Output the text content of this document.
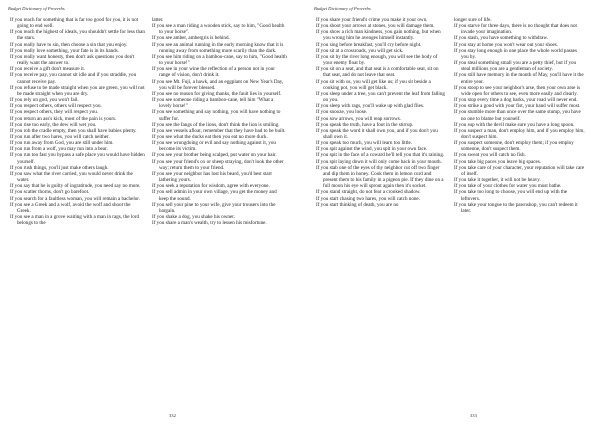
Budget Dictionary of Proverbs

If you reach for something that is far too good for you, it is not going to end well.

If you reach the highest of ideals, you shouldn't settle for less than the stars.

If you really have to sin, then choose a sin that you enjoy.

If you really love something, your fate is in its hands.

If you really want honesty, then don't ask questions you don't really want the answer to.

If you receive a gift don't measure it.

If you receive pay, you cannot sit idle and if you straddle, you cannot receive pay.

If you refuse to be made straight when you are green, you will not be made straight when you are dry.

If you rely on god, you won't fail.

If you respect others, others will respect you.

If you respect others, they will respect you.

If you return an ass's kick, most of the pain is yours.

If you rise too early, the dew will wet you.

If you rob the cradle empty, then you shall have babies plenty.

If you run after two hares, you will catch neither.

If you run away from God, you are still under him.

If you run from a wolf, you may run into a bear.

If you run too fast you bypass a safe place you would have hidden yourself.

If you rush things, you'll just make others laugh.

If you saw what the river carried, you would never drink the water.

If you say that he is guilty of ingratitude, you need say no more.

If you scatter thorns, don't go barefoot.

If you search for a faultless woman, you will remain a bachelor.

If you see a Greek and a wolf, avoid the wolf and shoot the Greek.

If you see a man in a grove waiting with a man in rags, the lord belongs to the

latter.

If you see a man riding a wooden stick, say to him, "Good health to your horse".

If you see amber, ambergris is behind.

If you see an animal running in the early morning know that it is running away from something more scarily than the dark.

If you see him riding on a bamboo-cane, say to him, "Good health to your horse!"

If you see in your wine the reflection of a person not in your range of vision, don't drink it.

If you see Mt. Fuji, a hawk, and an eggplant on New Year's Day, you will be forever blessed.

If you see no reason for giving thanks, the fault lies in yourself.

If you see someone riding a bamboo-cane, tell him "What a lovely horse!"

If you see something and say nothing, you will have nothing to suffer for.

If you see the fangs of the lions, don't think the lion is smiling.

If you see vessels afloat, remember that they have had to be built.

If you see what the ducks eat then you eat no more duck.

If you see wrongdoing or evil and say nothing against it, you become its victim.

If you see your brother being scalped, put water on your hair.

If you see your friend's ox or sheep straying, don't look the other way; return them to your friend.

If you see your neighbor has lost his beard, you'd best start lathering yours.

If you seek a reputation for wisdom, agree with everyone.

If you sell admin in your own village, you get the money and keep the sound.

If you sell your pine to your wife, give your trousers into the bargain.

If you shake a dog, you shake his owner.

If you share a man's wealth, try to lessen his misfortune.

332
Budget Dictionary of Proverbs

If you share your friend's crime you make it your own.

If you shoot your arrows at stones, you will damage them.

If you show a rich man kindness, you gain nothing, but when you wrong him he avenges himself instantly.

If you sing before breakfast, you'll cry before night.

If you sit at a crossroads, you will get sick.

If you sit by the river long enough, you will see the body of your enemy float by.

If you sit on a seat, and that seat is a comfortable seat, sit on that seat, and do not leave that seat.

If you sit with us, you will get like us; if you sit beside a cooking pot, you will get black.

If you sleep under a tree, you can't prevent the leaf from falling on you.

If you sleep with rags, you'll wake up with glad flies.

If you snooze, you loose.

If you sow arrows, you will reap sorrows.

If you speak the truth, have a foot in the stirrup.

If you speak the word it shall own you, and if you don't you shall own it.

If you speak too much, you will learn too little.

If you spit against the wind, you spit in your own face.

If you spit in the face of a coward he'll tell you that it's raining.

If you spit laying down it will only come back in your mouth.

If you stab one of the eyes of thy neighbor cut off two finger and dip them in honey. Cook them in lemon curd and present them to his family in a pigeon pie. If they dine on a full moon his eye will sprout again then it's socket.

If you stand straight, do not fear a crooked shadow.

If you start chasing two hares, you will catch none.

If you start thinking of death, you are no

longer sure of life.

If you starve for three days, there is no thought that does not invade your imagination.

If you stash, you have something to withdraw.

If you stay at home you won't wear out your shoes.

If you stay long enough in one place the whole world passes you by.

If you steal something small you are a petty thief, but if you steal millions you are a gentleman of society.

If you still have memory in the month of May, you'll have it the entire year.

If you stoop to see your neighbor's arse, then your own arse is wide open for others to see, even more easily and clearly.

If you stop every time a dog barks, your road will never end.

If you strike a good with your fist, your hand will suffer most.

If you stumble more than once over the same stump, you have no one to blame but yourself.

If you sup with the devil make sure you have a long spoon.

If you suspect a man, don't employ him, and if you employ him, don't suspect him.

If you suspect someone, don't employ them; if you employ someone, don't suspect them.

If you sweat you will catch no fish.

If you take big paces you leave big spaces.

If you take care of your character, your reputation will take care of itself.

If you take it together, it will not be heavy.

If you take of your clothes for water you must bathe.

If you take too long to choose, you will end up with the leftovers.

If you take your tongue to the pawnshop, you can't redeem it later.

333
